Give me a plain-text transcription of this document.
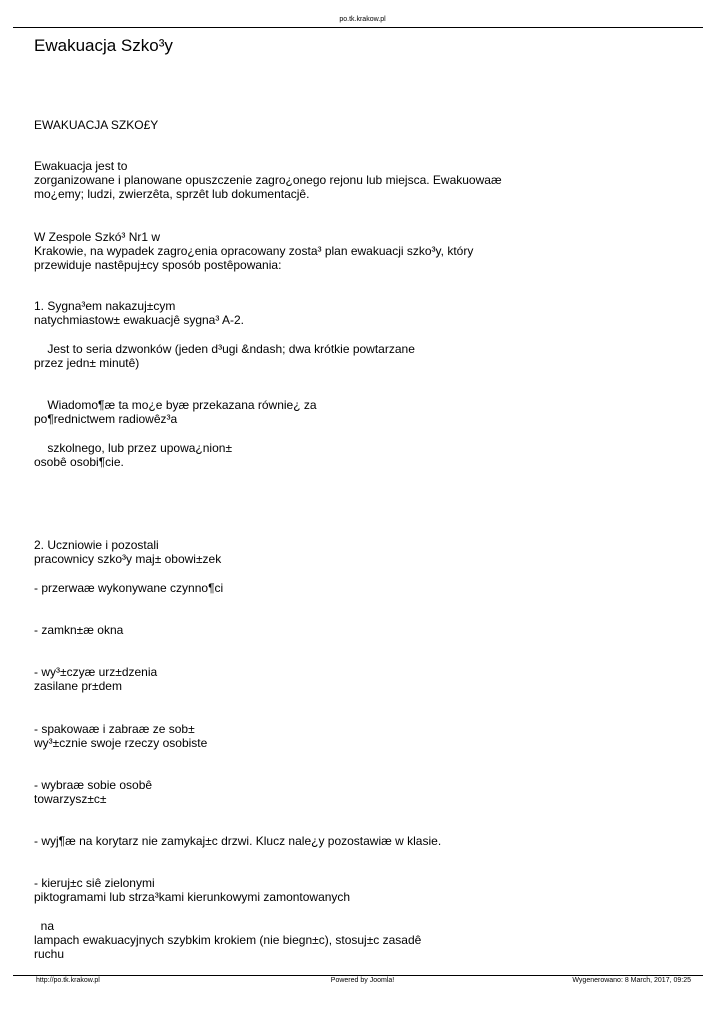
po.tk.krakow.pl
Ewakuacja Szko³y

EWAKUACJA SZKO£Y

Ewakuacja jest to
zorganizowane i planowane opuszczenie zagro¿onego rejonu lub miejsca. Ewakuowaæ
mo¿emy; ludzi, zwierzêta, sprzêt lub dokumentacjê.

W Zespole Szkó³ Nr1 w
Krakowie, na wypadek zagro¿enia opracowany zosta³ plan ewakuacji szko³y, który
przewiduje nastêpuj±cy sposób postêpowania:

1. Sygna³em nakazuj±cym
natychmiastow± ewakuacjê sygna³ A-2.

Jest to seria dzwonków (jeden d³ugi &ndash; dwa krótkie powtarzane
przez jedn± minutê)

Wiadomo¶æ ta mo¿e byæ przekazana równie¿ za
po¶rednictwem radiowêz³a

szkolnego, lub przez upowa¿nion±
osobê osobi¶cie.

2. Uczniowie i pozostali
pracownicy szko³y maj± obowi±zek

- przerwaæ wykonywane czynno¶ci

- zamkn±æ okna

- wy³±czyæ urz±dzenia
zasilane pr±dem

- spakowaæ i zabraæ ze sob±
wy³±cznie swoje rzeczy osobiste

- wybraæ sobie osobê
towarzysz±c±

- wyj¶æ na korytarz nie zamykaj±c drzwi. Klucz nale¿y pozostawiæ w klasie.

- kieruj±c siê zielonymi
piktogramami lub strza³kami kierunkowymi zamontowanych

na
lampach ewakuacyjnych szybkim krokiem (nie biegn±c), stosuj±c zasadê
ruchu

http://po.tk.krakow.pl	Powered by Joomla!	Wygenerowano: 8 March, 2017, 09:25
